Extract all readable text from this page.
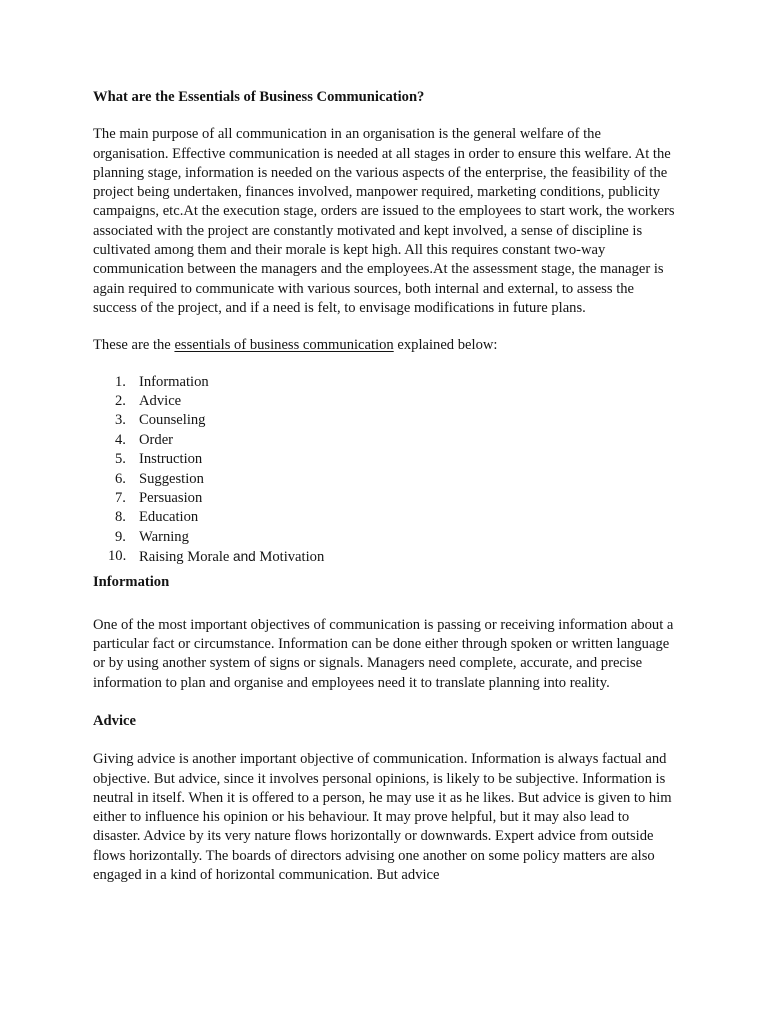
What are the Essentials of Business Communication?

The main purpose of all communication in an organisation is the general welfare of the organisation. Effective communication is needed at all stages in order to ensure this welfare. At the planning stage, information is needed on the various aspects of the enterprise, the feasibility of the project being undertaken, finances involved, manpower required, marketing conditions, publicity campaigns, etc.At the execution stage, orders are issued to the employees to start work, the workers associated with the project are constantly motivated and kept involved, a sense of discipline is cultivated among them and their morale is kept high. All this requires constant two-way communication between the managers and the employees.At the assessment stage, the manager is again required to communicate with various sources, both internal and external, to assess the success of the project, and if a need is felt, to envisage modifications in future plans.

These are the essentials of business communication explained below:

1. Information
2. Advice
3. Counseling
4. Order
5. Instruction
6. Suggestion
7. Persuasion
8. Education
9. Warning
10. Raising Morale and Motivation
Information

One of the most important objectives of communication is passing or receiving information about a particular fact or circumstance. Information can be done either through spoken or written language or by using another system of signs or signals. Managers need complete, accurate, and precise information to plan and organise and employees need it to translate planning into reality.

Advice

Giving advice is another important objective of communication. Information is always factual and objective. But advice, since it involves personal opinions, is likely to be subjective. Information is neutral in itself. When it is offered to a person, he may use it as he likes. But advice is given to him either to influence his opinion or his behaviour. It may prove helpful, but it may also lead to disaster. Advice by its very nature flows horizontally or downwards. Expert advice from outside flows horizontally. The boards of directors advising one another on some policy matters are also engaged in a kind of horizontal communication. But advice
